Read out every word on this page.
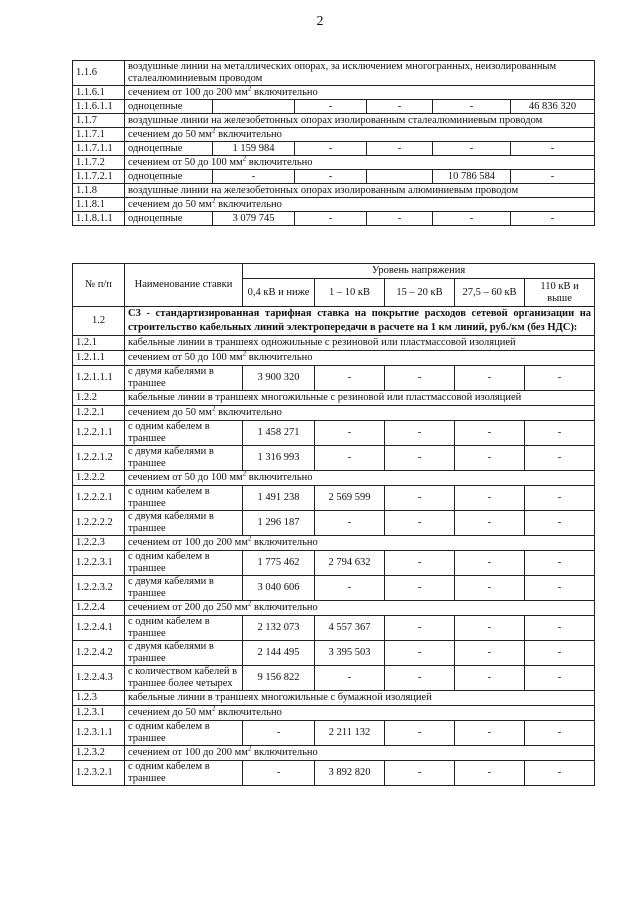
2
1.1.6	воздушные линии на металлических опорах, за исключением многогранных, неизолированным сталеалюминиевым проводом					
1.1.6.1	сечением от 100 до 200 $мм^2$ включительно					
1.1.6.1.1	одноцепные		-	-	-	46 836 320
1.1.7	воздушные линии на железобетонных опорах изолированным сталеалюминиевым проводом					
1.1.7.1	сечением до 50 $мм^2$ включительно					
1.1.7.1.1	одноцепные	1 159 984	-	-	-	-
1.1.7.2	сечением от 50 до 100 $мм^2$ включительно					
1.1.7.2.1	одноцепные	-	-		10 786 584	-
1.1.8	воздушные линии на железобетонных опорах изолированным алюминиевым проводом					
1.1.8.1	сечением до 50 $мм^2$ включительно					
1.1.8.1.1	одноцепные	3 079 745	-	-	-	-
№ п/п	Наименование ставки	Уровень напряжения				
		0,4 кВ и ниже	1 – 10 кВ	15 – 20 кВ	27,5 – 60 кВ	110 кВ и выше
1.2	С3 - стандартизированная тарифная ставка на покрытие расходов сетевой организации на строительство кабельных линий электропередачи в расчете на 1 км линий, руб./км (без НДС):					
1.2.1	кабельные линии в траншеях одножильные с резиновой или пластмассовой изоляцией					
1.2.1.1	сечением от 50 до 100 $мм^2$ включительно					
1.2.1.1.1	с двумя кабелями в траншее	3 900 320	-	-	-	-
1.2.2	кабельные линии в траншеях многожильные с резиновой или пластмассовой изоляцией					
1.2.2.1	сечением до 50 $мм^2$ включительно					
1.2.2.1.1	с одним кабелем в траншее	1 458 271	-	-	-	-
1.2.2.1.2	с двумя кабелями в траншее	1 316 993	-	-	-	-
1.2.2.2	сечением от 50 до 100 $мм^2$ включительно					
1.2.2.2.1	с одним кабелем в траншее	1 491 238	2 569 599	-	-	-
1.2.2.2.2	с двумя кабелями в траншее	1 296 187	-	-	-	-
1.2.2.3	сечением от 100 до 200 $мм^2$ включительно					
1.2.2.3.1	с одним кабелем в траншее	1 775 462	2 794 632	-	-	-
1.2.2.3.2	с двумя кабелями в траншее	3 040 606	-	-	-	-
1.2.2.4	сечением от 200 до 250 $мм^2$ включительно					
1.2.2.4.1	с одним кабелем в траншее	2 132 073	4 557 367	-	-	-
1.2.2.4.2	с двумя кабелями в траншее	2 144 495	3 395 503	-	-	-
1.2.2.4.3	с количеством кабелей в траншее более четырех	9 156 822	-	-	-	-
1.2.3	кабельные линии в траншеях многожильные с бумажной изоляцией					
1.2.3.1	сечением до 50 $мм^2$ включительно					
1.2.3.1.1	с одним кабелем в траншее	-	2 211 132	-	-	-
1.2.3.2	сечением от 100 до 200 $мм^2$ включительно					
1.2.3.2.1	с одним кабелем в траншее	-	3 892 820	-	-	-
